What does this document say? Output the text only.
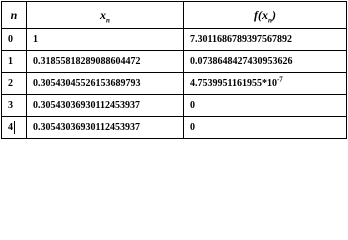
n	$x_n$	$f(x_n)$
0	1	7.3011686789397567892
1	0.31855818289088604472	0.0738648427430953626
2	0.30543045526153689793	$4.7539951161955*10^{-7}$
3	0.30543036930112453937	0
4	0.30543036930112453937	0
